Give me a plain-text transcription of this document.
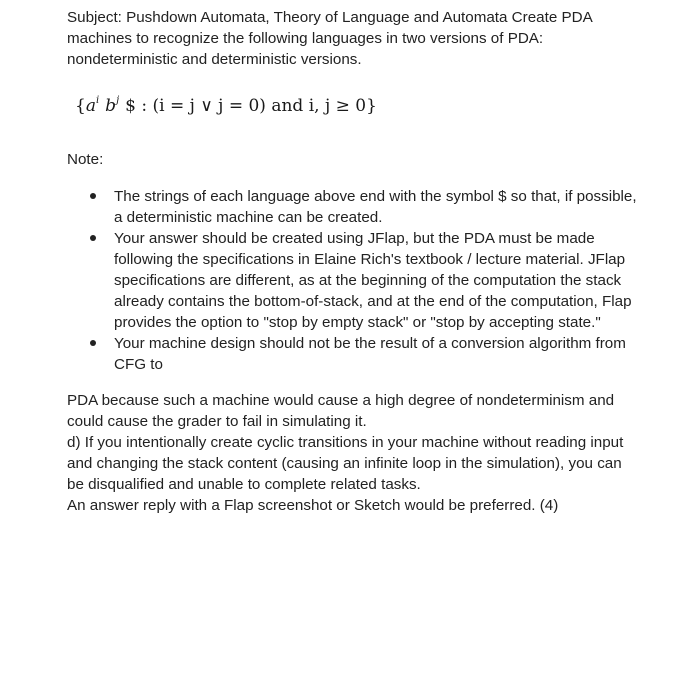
Subject: Pushdown Automata, Theory of Language and Automata Create PDA
machines to recognize the following languages in two versions of PDA:
nondeterministic and deterministic versions.
{$a^i$ $b^j$ $ : (i = j ∨ j = 0) and i, j ≥ 0}
Note:
The strings of each language above end with the symbol $ so that, if possible,
a deterministic machine can be created.
Your answer should be created using JFlap, but the PDA must be made
following the specifications in Elaine Rich's textbook / lecture material. JFlap
specifications are different, as at the beginning of the computation the stack
already contains the bottom-of-stack, and at the end of the computation, Flap
provides the option to "stop by empty stack" or "stop by accepting state."
Your machine design should not be the result of a conversion algorithm from
CFG to
PDA because such a machine would cause a high degree of nondeterminism and
could cause the grader to fail in simulating it.
d) If you intentionally create cyclic transitions in your machine without reading input
and changing the stack content (causing an infinite loop in the simulation), you can
be disqualified and unable to complete related tasks.
An answer reply with a Flap screenshot or Sketch would be preferred. (4)
